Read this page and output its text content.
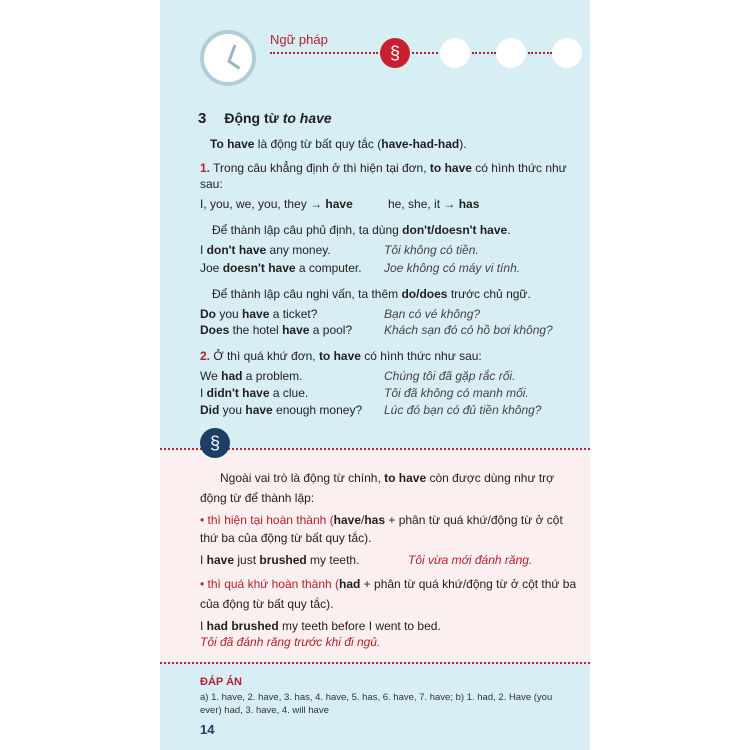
Ngữ pháp
§
3 Động từ to have
To have là động từ bất quy tắc (have-had-had).
1. Trong câu khẳng định ở thì hiện tại đơn, to have có hình thức như
sau:
I, you, we, you, they → have	he, she, it → has
Để thành lập câu phủ định, ta dùng don't/doesn't have.
I don't have any money.	Tôi không có tiền.
Joe doesn't have a computer. Joe không có máy vi tính.
Để thành lập câu nghi vấn, ta thêm do/does trước chủ ngữ.
Do you have a ticket?	Bạn có vé không?
Does the hotel have a pool?	Khách sạn đó có hồ bơi không?
2. Ở thì quá khứ đơn, to have có hình thức như sau:
We had a problem.	Chúng tôi đã gặp rắc rối.
I didn't have a clue.	Tôi đã không có manh mối.
Did you have enough money? Lúc đó bạn có đủ tiền không?
§
Ngoài vai trò là động từ chính, to have còn được dùng như trợ
động từ để thành lập:
• thì hiện tại hoàn thành (have/has + phân từ quá khứ/động từ ở cột
thứ ba của động từ bất quy tắc).
I have just brushed my teeth.	Tôi vừa mới đánh răng.
• thì quá khứ hoàn thành (had + phân từ quá khứ/động từ ở cột thứ ba
của động từ bất quy tắc).
I had brushed my teeth before I went to bed.
Tôi đã đánh răng trước khi đi ngủ.
ĐÁP ÁN
a) 1. have, 2. have, 3. has, 4. have, 5. has, 6. have, 7. have; b) 1. had, 2. Have (you
ever) had, 3. have, 4. will have
14
